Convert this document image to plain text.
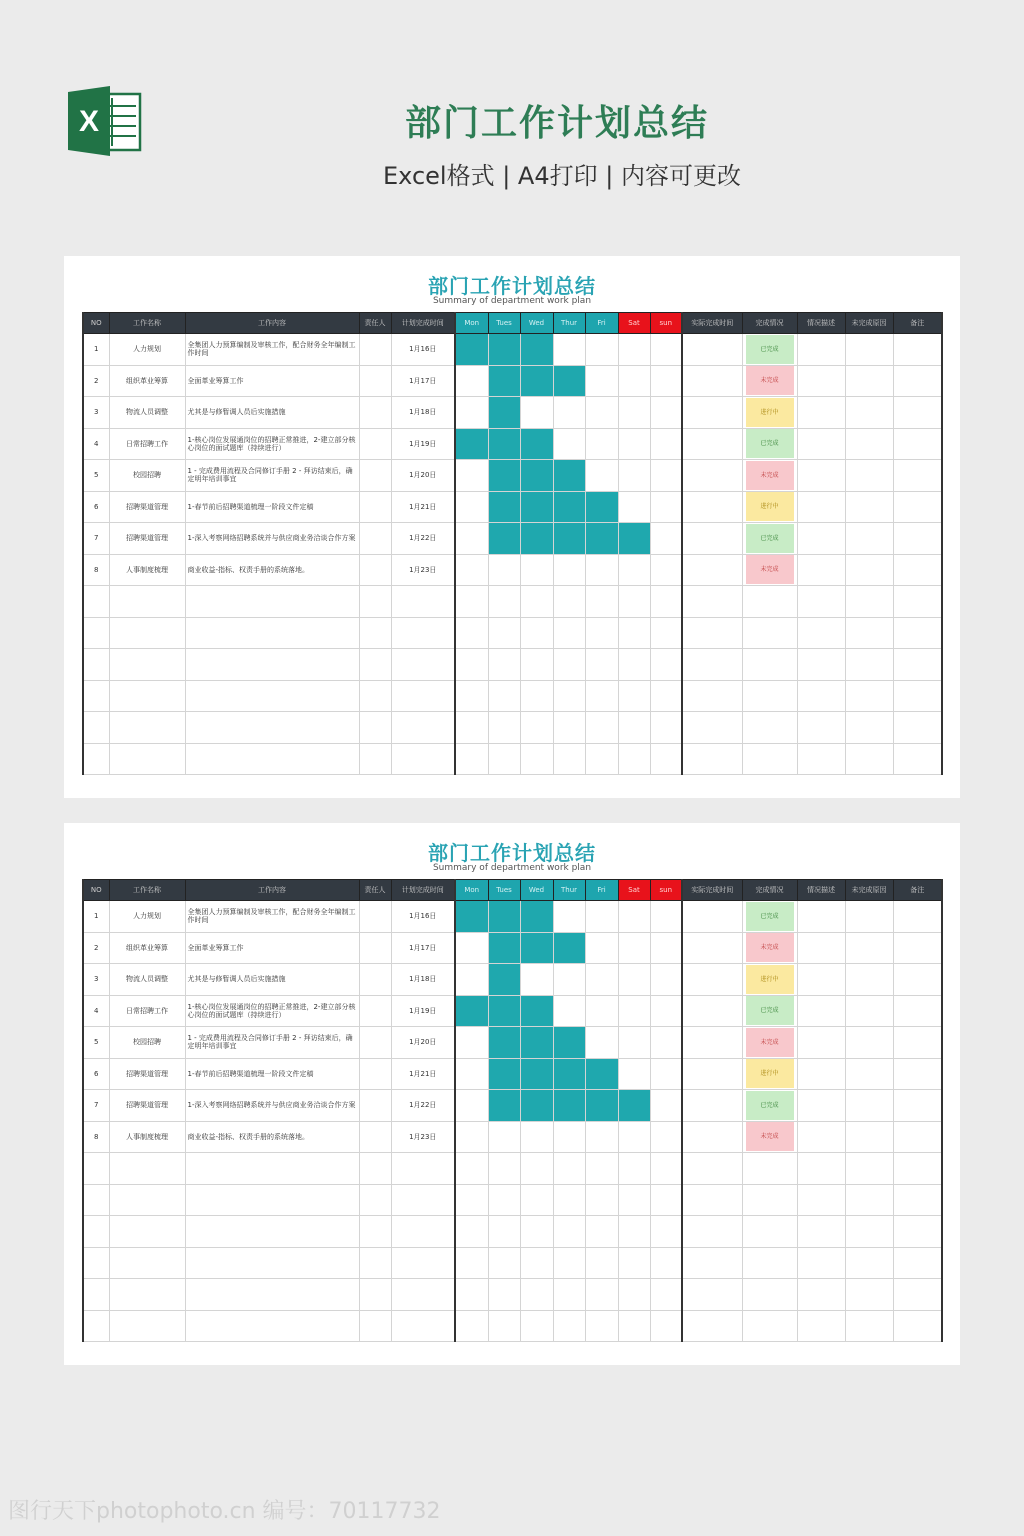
X	部门工作计划总结
Excel格式 | A4打印 | 内容可更改
部门工作计划总结
Summary of department work plan
NO	工作名称	工作内容	责任人	计划完成时间	Mon	Tues	Wed	Thur	Fri	Sat	sun	实际完成时间	完成情况	情况描述	未完成原因	备注
1	人力规划	全集团人力预算编制及审核工作，配合财务全年编制工作时间		1月16日									已完成			

2	组织革业筹算	全面革业筹算工作		1月17日									未完成			

3	物流人员调整	尤其是与修暂调人员后实施措施		1月18日									进行中			

4	日常招聘工作	1-核心岗位发展通岗位的招聘正常推进，2-建立部分核心岗位的面试题库（持续进行）		1月19日									已完成			

5	校园招聘	1 - 完成费用流程及合同修订手册 2 - 拜访结束后，确定明年培训事宜		1月20日									未完成			

6	招聘渠道管理	1-春节前后招聘渠道梳理一阶段文件定稿		1月21日									进行中			

7	招聘渠道管理	1-深入考察网络招聘系统并与供应商业务洽谈合作方案		1月22日									已完成			

8	人事制度梳理	商业收益-指标、权责手册的系统落地。		1月23日									未完成			

部门工作计划总结
Summary of department work plan
NO	工作名称	工作内容	责任人	计划完成时间	Mon	Tues	Wed	Thur	Fri	Sat	sun	实际完成时间	完成情况	情况描述	未完成原因	备注
1	人力规划	全集团人力预算编制及审核工作，配合财务全年编制工作时间		1月16日									已完成			

2	组织革业筹算	全面革业筹算工作		1月17日									未完成			

3	物流人员调整	尤其是与修暂调人员后实施措施		1月18日									进行中			

4	日常招聘工作	1-核心岗位发展通岗位的招聘正常推进，2-建立部分核心岗位的面试题库（持续进行）		1月19日									已完成			

5	校园招聘	1 - 完成费用流程及合同修订手册 2 - 拜访结束后，确定明年培训事宜		1月20日									未完成			

6	招聘渠道管理	1-春节前后招聘渠道梳理一阶段文件定稿		1月21日									进行中			

7	招聘渠道管理	1-深入考察网络招聘系统并与供应商业务洽谈合作方案		1月22日									已完成			

8	人事制度梳理	商业收益-指标、权责手册的系统落地。		1月23日									未完成			

图行天下photophoto.cn 编号：70117732
